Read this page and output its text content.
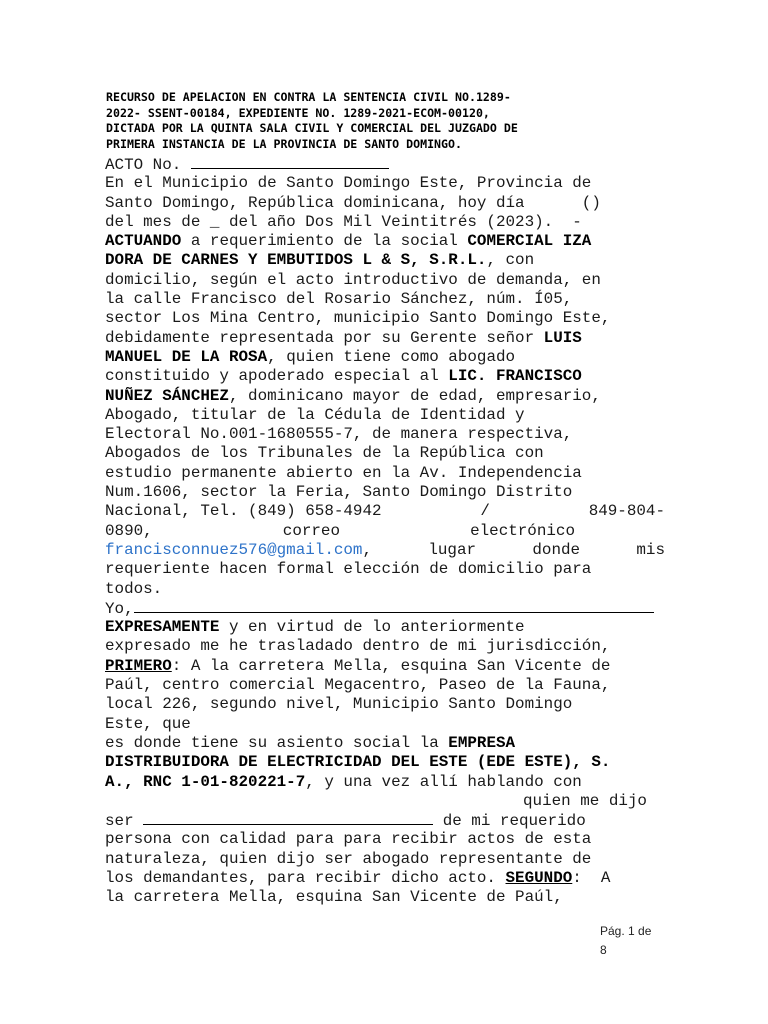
RECURSO DE APELACION EN CONTRA LA SENTENCIA CIVIL NO.1289-
2022- SSENT-00184, EXPEDIENTE NO. 1289-2021-ECOM-00120,
DICTADA POR LA QUINTA SALA CIVIL Y COMERCIAL DEL JUZGADO DE
PRIMERA INSTANCIA DE LA PROVINCIA DE SANTO DOMINGO.
ACTO No.
En el Municipio de Santo Domingo Este, Provincia de
Santo Domingo, República dominicana, hoy día      ()
del mes de _ del año Dos Mil Veintitrés (2023).  -
ACTUANDO a requerimiento de la social COMERCIAL IZA
DORA DE CARNES Y EMBUTIDOS L & S, S.R.L., con
domicilio, según el acto introductivo de demanda, en
la calle Francisco del Rosario Sánchez, núm. Í05,
sector Los Mina Centro, municipio Santo Domingo Este,
debidamente representada por su Gerente señor LUIS
MANUEL DE LA ROSA, quien tiene como abogado
constituido y apoderado especial al LIC. FRANCISCO
NUÑEZ SÁNCHEZ, dominicano mayor de edad, empresario,
Abogado, titular de la Cédula de Identidad y
Electoral No.001-1680555-7, de manera respectiva,
Abogados de los Tribunales de la República con
estudio permanente abierto en la Av. Independencia
Num.1606, sector la Feria, Santo Domingo Distrito
Nacional, Tel. (849) 658-4942	/	849-804-
0890,	correo	electrónico
francisconnuez576@gmail.com,	lugar	donde	mis
requeriente hacen formal elección de domicilio para
todos.
Yo,
EXPRESAMENTE y en virtud de lo anteriormente
expresado me he trasladado dentro de mi jurisdicción,
PRIMERO: A la carretera Mella, esquina San Vicente de
Paúl, centro comercial Megacentro, Paseo de la Fauna,
local 226, segundo nivel, Municipio Santo Domingo
Este, que
es donde tiene su asiento social la EMPRESA
DISTRIBUIDORA DE ELECTRICIDAD DEL ESTE (EDE ESTE), S.
A., RNC 1-01-820221-7, y una vez allí hablando con
quien me dijo
ser	de mi requerido
persona con calidad para para recibir actos de esta
naturaleza, quien dijo ser abogado representante de
los demandantes, para recibir dicho acto. SEGUNDO:  A
la carretera Mella, esquina San Vicente de Paúl,
Pág. 1 de
8
